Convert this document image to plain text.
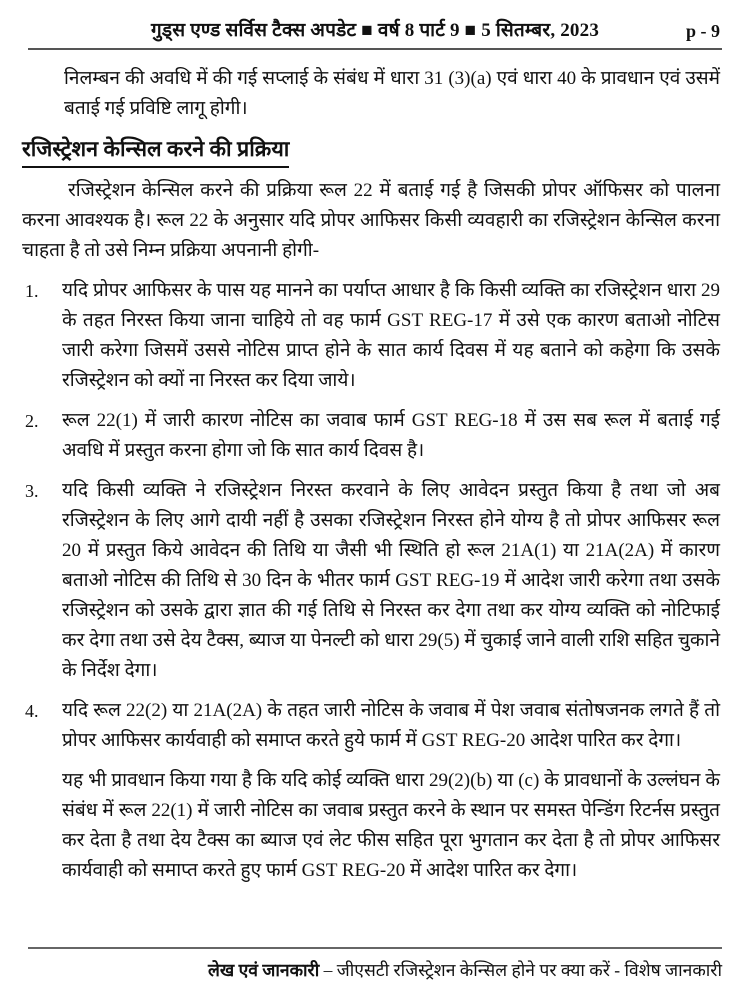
गुड्स एण्ड सर्विस टैक्स अपडेट ■ वर्ष 8 पार्ट 9 ■ 5 सितम्बर, 2023	p - 9

निलम्बन की अवधि में की गई सप्लाई के संबंध में धारा 31 (3)(a) एवं धारा 40 के प्रावधान एवं उसमें बताई गई प्रविष्टि लागू होगी।

रजिस्ट्रेशन केन्सिल करने की प्रक्रिया

रजिस्ट्रेशन केन्सिल करने की प्रक्रिया रूल 22 में बताई गई है जिसकी प्रोपर ऑफिसर को पालना करना आवश्यक है। रूल 22 के अनुसार यदि प्रोपर आफिसर किसी व्यवहारी का रजिस्ट्रेशन केन्सिल करना चाहता है तो उसे निम्न प्रक्रिया अपनानी होगी-

1. यदि प्रोपर आफिसर के पास यह मानने का पर्याप्त आधार है कि किसी व्यक्ति का रजिस्ट्रेशन धारा 29 के तहत निरस्त किया जाना चाहिये तो वह फार्म GST REG-17 में उसे एक कारण बताओ नोटिस जारी करेगा जिसमें उससे नोटिस प्राप्त होने के सात कार्य दिवस में यह बताने को कहेगा कि उसके रजिस्ट्रेशन को क्यों ना निरस्त कर दिया जाये।
2. रूल 22(1) में जारी कारण नोटिस का जवाब फार्म GST REG-18 में उस सब रूल में बताई गई अवधि में प्रस्तुत करना होगा जो कि सात कार्य दिवस है।
3. यदि किसी व्यक्ति ने रजिस्ट्रेशन निरस्त करवाने के लिए आवेदन प्रस्तुत किया है तथा जो अब रजिस्ट्रेशन के लिए आगे दायी नहीं है उसका रजिस्ट्रेशन निरस्त होने योग्य है तो प्रोपर आफिसर रूल 20 में प्रस्तुत किये आवेदन की तिथि या जैसी भी स्थिति हो रूल 21A(1) या 21A(2A) में कारण बताओ नोटिस की तिथि से 30 दिन के भीतर फार्म GST REG-19 में आदेश जारी करेगा तथा उसके रजिस्ट्रेशन को उसके द्वारा ज्ञात की गई तिथि से निरस्त कर देगा तथा कर योग्य व्यक्ति को नोटिफाई कर देगा तथा उसे देय टैक्स, ब्याज या पेनल्टी को धारा 29(5) में चुकाई जाने वाली राशि सहित चुकाने के निर्देश देगा।
4. यदि रूल 22(2) या 21A(2A) के तहत जारी नोटिस के जवाब में पेश जवाब संतोषजनक लगते हैं तो प्रोपर आफिसर कार्यवाही को समाप्त करते हुये फार्म में GST REG-20 आदेश पारित कर देगा।
यह भी प्रावधान किया गया है कि यदि कोई व्यक्ति धारा 29(2)(b) या (c) के प्रावधानों के उल्लंघन के संबंध में रूल 22(1) में जारी नोटिस का जवाब प्रस्तुत करने के स्थान पर समस्त पेन्डिंग रिटर्नस प्रस्तुत कर देता है तथा देय टैक्स का ब्याज एवं लेट फीस सहित पूरा भुगतान कर देता है तो प्रोपर आफिसर कार्यवाही को समाप्त करते हुए फार्म GST REG-20 में आदेश पारित कर देगा।
लेख एवं जानकारी – जीएसटी रजिस्ट्रेशन केन्सिल होने पर क्या करें - विशेष जानकारी
